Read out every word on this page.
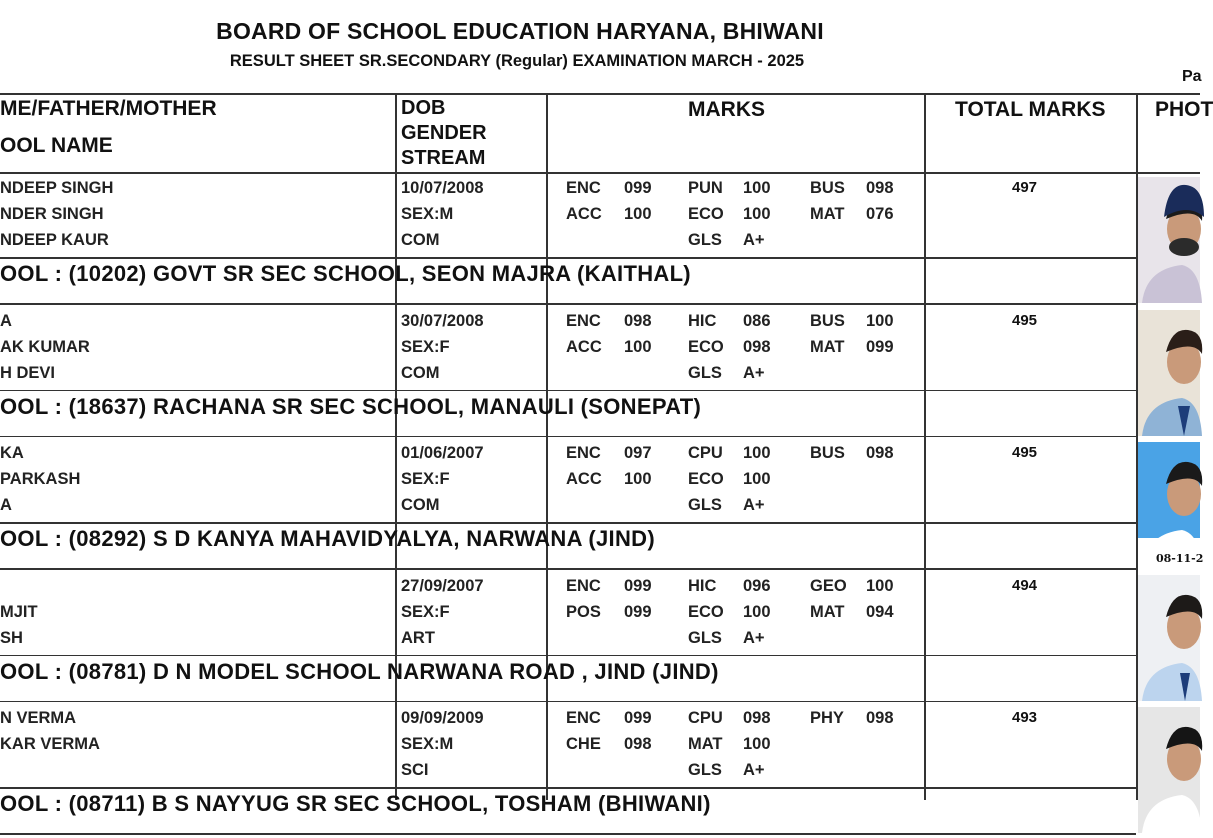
BOARD OF SCHOOL EDUCATION HARYANA, BHIWANI
RESULT SHEET SR.SECONDARY (Regular) EXAMINATION MARCH - 2025
Pa
ME/FATHER/MOTHER
OOL NAME
DOB
GENDER
STREAM
MARKS	TOTAL MARKS PHOT
NDEEP SINGH
NDER SINGH
NDEEP KAUR
10/07/2008
SEX:M
COM
ENC 099 PUN 100 BUS 098
ACC 100 ECO 100 MAT 076
GLS A+
497
OOL : (10202) GOVT SR SEC SCHOOL, SEON MAJRA (KAITHAL)
A
AK KUMAR
H DEVI
30/07/2008
SEX:F
COM
ENC 098 HIC 086 BUS 100
ACC 100 ECO 098 MAT 099
GLS A+
495
OOL : (18637) RACHANA SR SEC SCHOOL, MANAULI (SONEPAT)
KA
PARKASH
A
01/06/2007
SEX:F
COM
ENC 097 CPU 100 BUS 098
ACC 100 ECO 100
GLS A+
495
OOL : (08292) S D KANYA MAHAVIDYALYA, NARWANA (JIND)
08-11-2
MJIT
SH
27/09/2007
SEX:F
ART
ENC 099 HIC 096 GEO 100
POS 099 ECO 100 MAT 094
GLS A+
494
OOL : (08781) D N MODEL SCHOOL NARWANA ROAD , JIND (JIND)
N VERMA
KAR VERMA
09/09/2009
SEX:M
SCI
ENC 099 CPU 098 PHY 098
CHE 098 MAT 100
GLS A+
493
OOL : (08711) B S NAYYUG SR SEC SCHOOL, TOSHAM (BHIWANI)
